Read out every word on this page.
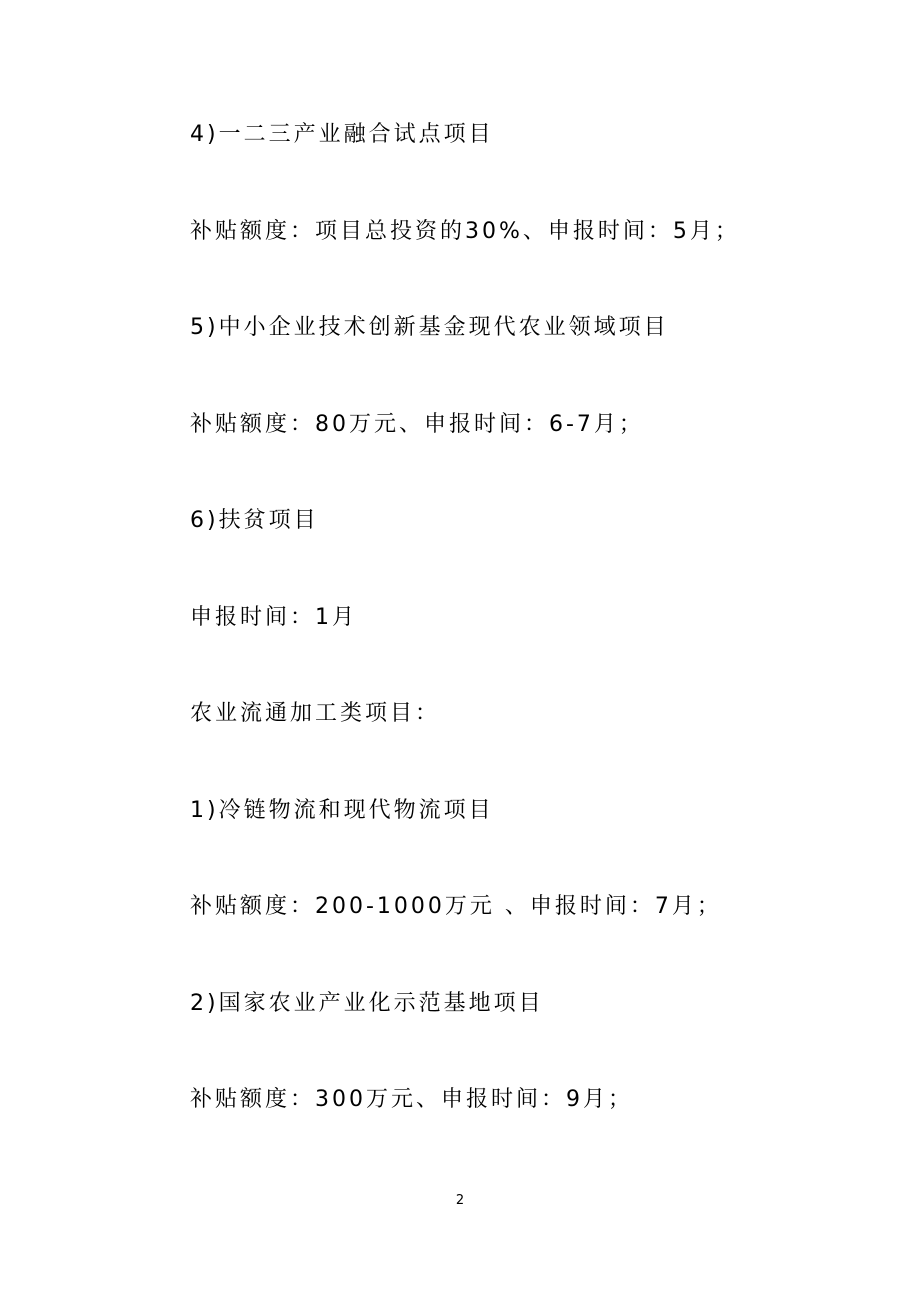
4)一二三产业融合试点项目
补贴额度：项目总投资的30%、申报时间：5月；
5)中小企业技术创新基金现代农业领域项目
补贴额度：80万元、申报时间：6-7月；
6)扶贫项目
申报时间：1月
农业流通加工类项目：
1)冷链物流和现代物流项目
补贴额度：200-1000万元 、申报时间：7月；
2)国家农业产业化示范基地项目
补贴额度：300万元、申报时间：9月；
2
